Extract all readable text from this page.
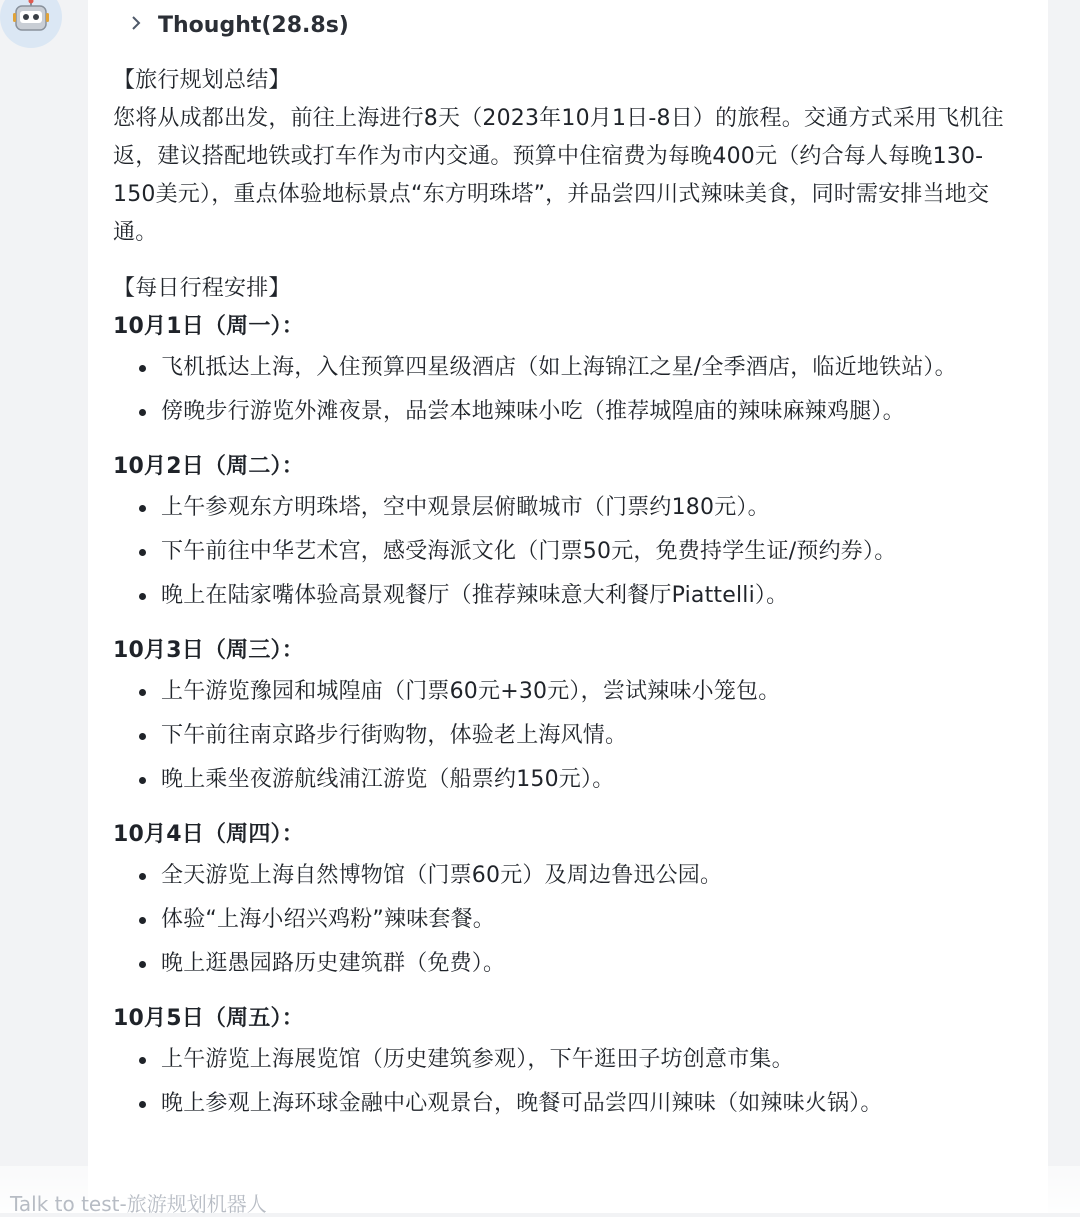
Thought(28.8s)

【旅行规划总结】

您将从成都出发，前往上海进行8天（2023年10月1日-8日）的旅程。交通方式采用飞机往返，建议搭配地铁或打车作为市内交通。预算中住宿费为每晚400元（约合每人每晚130-150美元），重点体验地标景点“东方明珠塔”，并品尝四川式辣味美食，同时需安排当地交通。

【每日行程安排】

10月1日（周一）：

飞机抵达上海，入住预算四星级酒店（如上海锦江之星/全季酒店，临近地铁站）。
傍晚步行游览外滩夜景，品尝本地辣味小吃（推荐城隍庙的辣味麻辣鸡腿）。

10月2日（周二）：

上午参观东方明珠塔，空中观景层俯瞰城市（门票约180元）。
下午前往中华艺术宫，感受海派文化（门票50元，免费持学生证/预约券）。
晚上在陆家嘴体验高景观餐厅（推荐辣味意大利餐厅Piattelli）。

10月3日（周三）：

上午游览豫园和城隍庙（门票60元+30元），尝试辣味小笼包。
下午前往南京路步行街购物，体验老上海风情。
晚上乘坐夜游航线浦江游览（船票约150元）。

10月4日（周四）：

全天游览上海自然博物馆（门票60元）及周边鲁迅公园。
体验“上海小绍兴鸡粉”辣味套餐。
晚上逛愚园路历史建筑群（免费）。

10月5日（周五）：

上午游览上海展览馆（历史建筑参观），下午逛田子坊创意市集。
晚上参观上海环球金融中心观景台，晚餐可品尝四川辣味（如辣味火锅）。
Talk to test-旅游规划机器人
